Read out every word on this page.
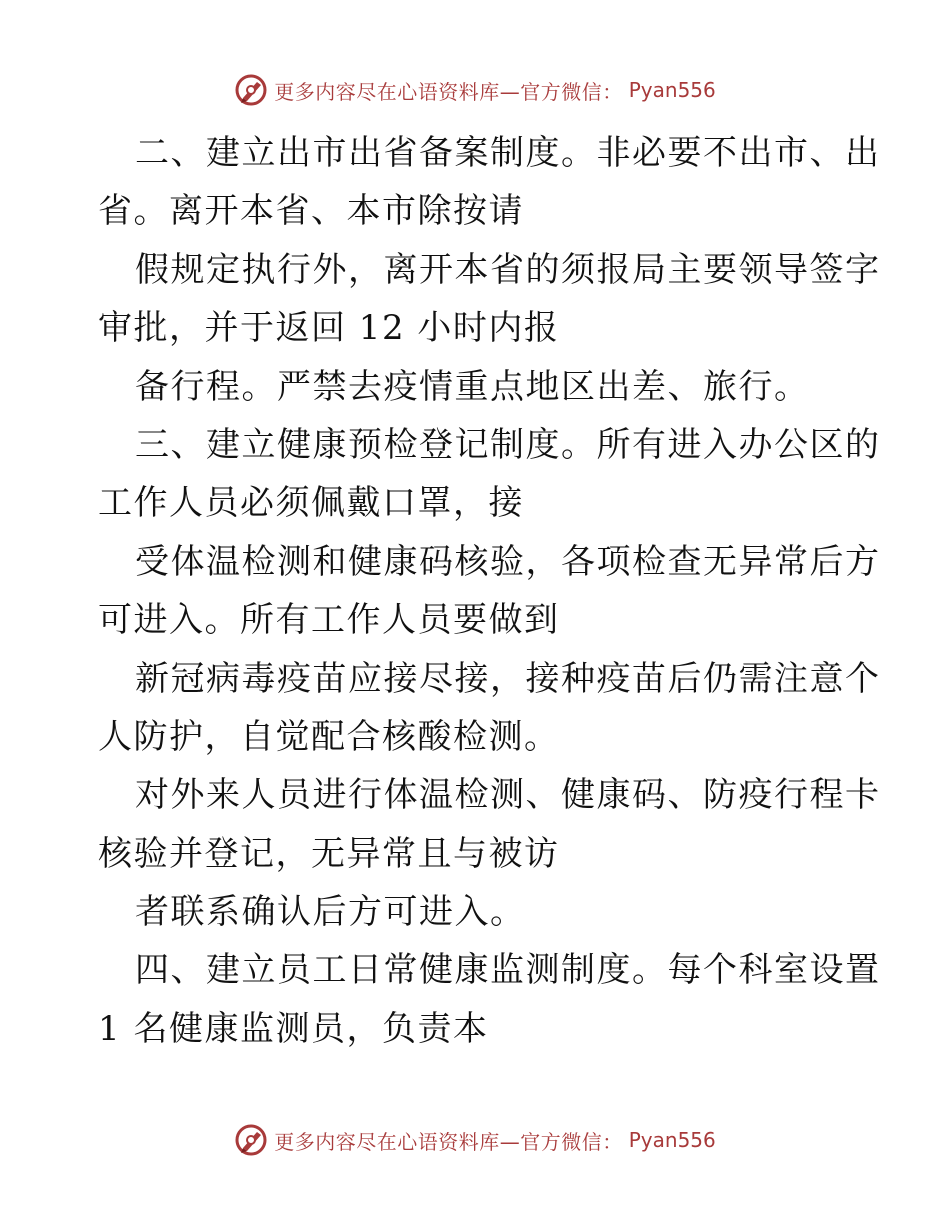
更多内容尽在心语资料库—官方微信： Pyan556
二、建立出市出省备案制度。非必要不出市、出
省。离开本省、本市除按请
假规定执行外，离开本省的须报局主要领导签字
审批，并于返回 12 小时内报
备行程。严禁去疫情重点地区出差、旅行。
三、建立健康预检登记制度。所有进入办公区的
工作人员必须佩戴口罩，接
受体温检测和健康码核验，各项检查无异常后方
可进入。所有工作人员要做到
新冠病毒疫苗应接尽接，接种疫苗后仍需注意个
人防护，自觉配合核酸检测。
对外来人员进行体温检测、健康码、防疫行程卡
核验并登记，无异常且与被访
者联系确认后方可进入。
四、建立员工日常健康监测制度。每个科室设置
1 名健康监测员，负责本
更多内容尽在心语资料库—官方微信： Pyan556
